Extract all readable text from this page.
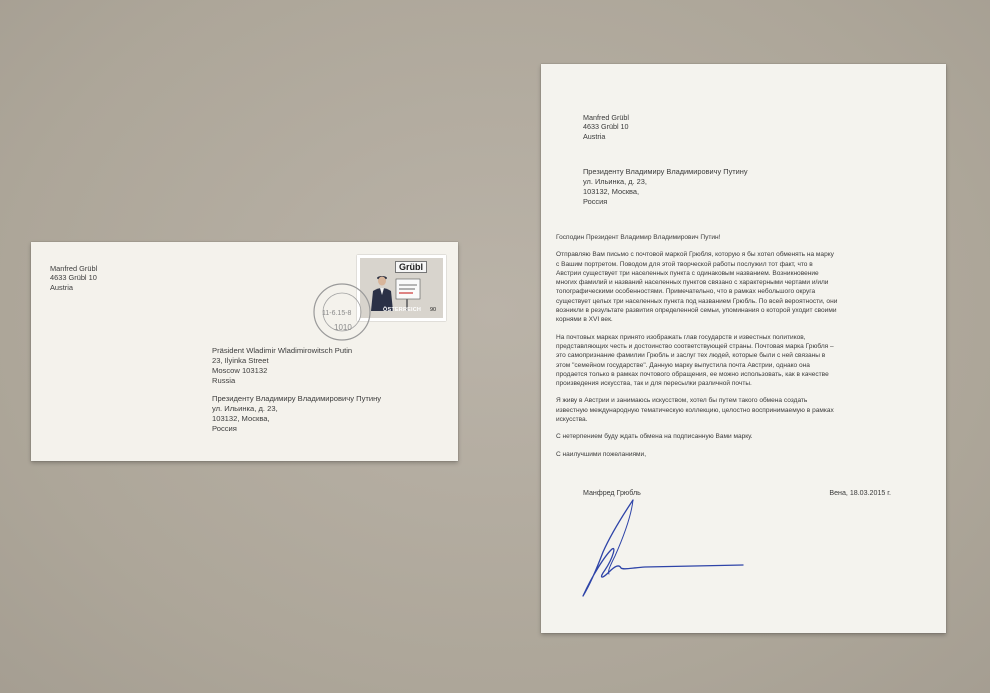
Manfred Grübl
4633 Grübl 10
Austria
Grübl
ÖSTERREICH 90
11-6.15-8
1010
Präsident Wladimir Wladimirowitsch Putin
23, Ilyinka Street
Moscow 103132
Russia
Президенту Владимиру Владимировичу Путину
ул. Ильинка, д. 23,
103132, Москва,
Россия
Manfred Grübl
4633 Grübl 10
Austria
Президенту Владимиру Владимировичу Путину
ул. Ильинка, д. 23,
103132, Москва,
Россия

Господин Президент Владимир Владимирович Путин!

Отправляю Вам письмо с почтовой маркой Грюбля, которую я бы хотел обменять на марку
с Вашим портретом. Поводом для этой творческой работы послужил тот факт, что в
Австрии существует три населенных пункта с одинаковым названием. Возникновение
многих фамилий и названий населенных пунктов связано с характерными чертами и/или
топографическими особенностями. Примечательно, что в рамках небольшого округа
существует целых три населенных пункта под названием Грюбль. По всей вероятности, они
возникли в результате развития определенной семьи, упоминания о которой уходит своими
корнями в XVI век.

На почтовых марках принято изображать глав государств и известных политиков,
представляющих честь и достоинство соответствующей страны. Почтовая марка Грюбля –
это самопризнание фамилии Грюбль и заслуг тех людей, которые были с ней связаны в
этом "семейном государстве". Данную марку выпустила почта Австрии, однако она
продается только в рамках почтового обращения, ее можно использовать, как в качестве
произведения искусства, так и для пересылки различной почты.

Я живу в Австрии и занимаюсь искусством, хотел бы путем такого обмена создать
известную международную тематическую коллекцию, целостно воспринимаемую в рамках
искусства.

С нетерпением буду ждать обмена на подписанную Вами марку.

С наилучшими пожеланиями,

Манфред Грюбль	Вена, 18.03.2015 г.
